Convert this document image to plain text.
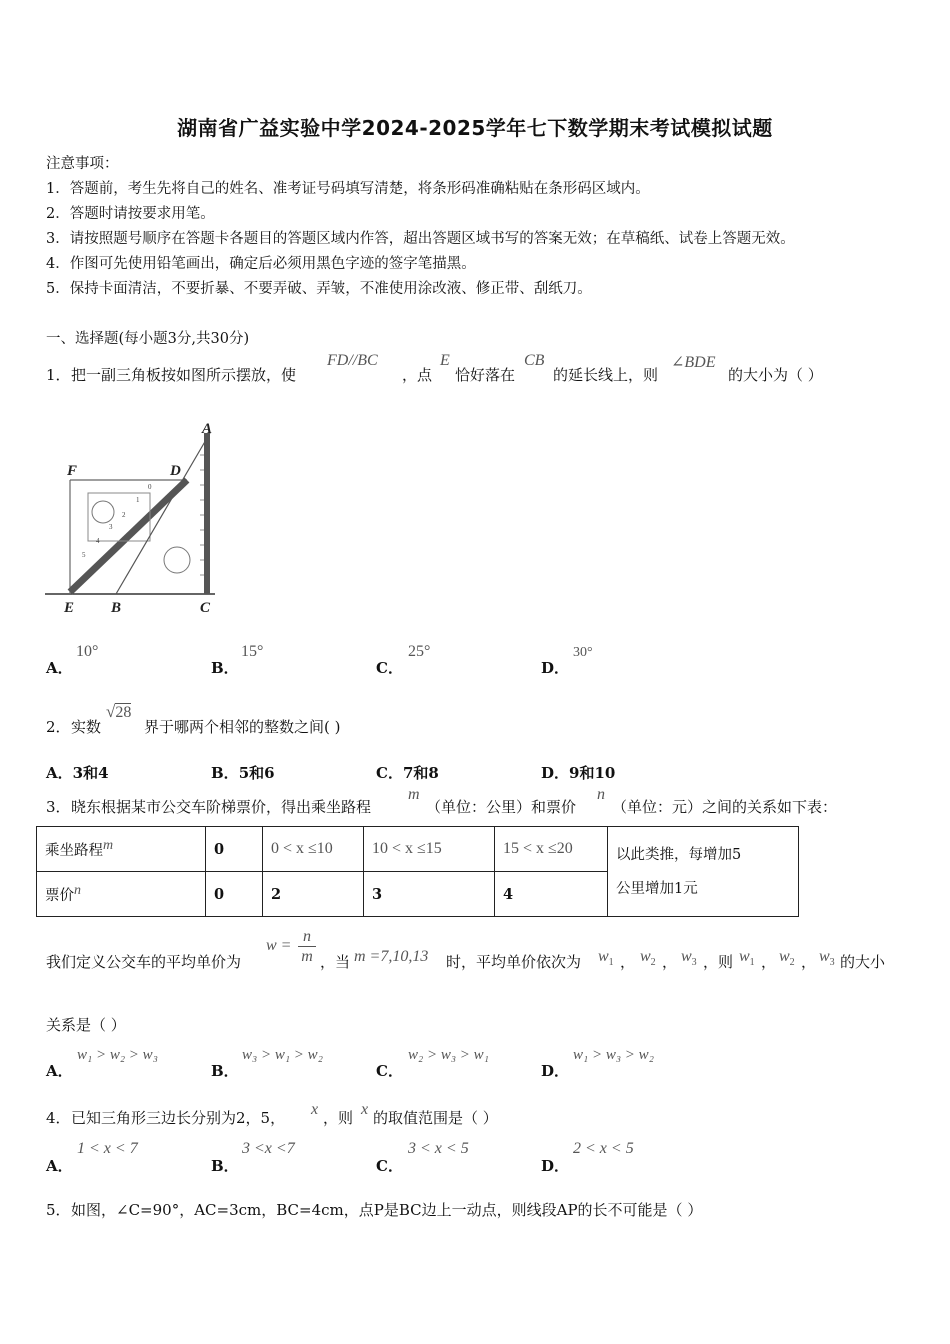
湖南省广益实验中学2024-2025学年七下数学期末考试模拟试题
注意事项：
1．答题前，考生先将自己的姓名、准考证号码填写清楚，将条形码准确粘贴在条形码区域内。
2．答题时请按要求用笔。
3．请按照题号顺序在答题卡各题目的答题区域内作答，超出答题区域书写的答案无效；在草稿纸、试卷上答题无效。
4．作图可先使用铅笔画出，确定后必须用黑色字迹的签字笔描黑。
5．保持卡面清洁，不要折暴、不要弄破、弄皱，不准使用涂改液、修正带、刮纸刀。
一、选择题(每小题3分,共30分)
1． 把一副三角板按如图所示摆放，使
FD//BC
，点
E
恰好落在
CB
的延长线上，则
∠BDE
的大小为（ ）
0
1
2
3
4
5
A
F	D
E B	C
A．
10°
B．
15°
C．
25°
D．
30°
2． 实数
√28
界于哪两个相邻的整数之间( )
A．3和4	B．5和6	C．7和8	D．9和10
3． 晓东根据某市公交车阶梯票价，得出乘坐路程
m
（单位：公里）和票价
n
（单位：元）之间的关系如下表：
乘坐路程$^m$	0	0 < x ≤10	10 < x ≤15	15 < x ≤20	以此类推，每增加5
公里增加1元

票价$^n$	0	2	3	4	
我们定义公交车的平均单价为
$w = \frac{n}{m}$ ，当 m =7,10,13 时，平均单价依次为 $w_1$ ， $w_2$ ， $w_3$ ，则 $w_1$ ， $w_2$ ， $w_3$ 的大小
关系是（ ）
A．
w₁ > w₂ > w₃
B．
w₃ > w₁ > w₂
C．
w₂ > w₃ > w₁
D．
w₁ > w₃ > w₂
4． 已知三角形三边长分别为2，5， x ，则 x 的取值范围是（ ）
A．
1 < x < 7
B．
3 <x <7
C．
3 < x < 5
D．
2 < x < 5
5． 如图，∠C=90°，AC=3cm，BC=4cm，点P是BC边上一动点，则线段AP的长不可能是（ ）
